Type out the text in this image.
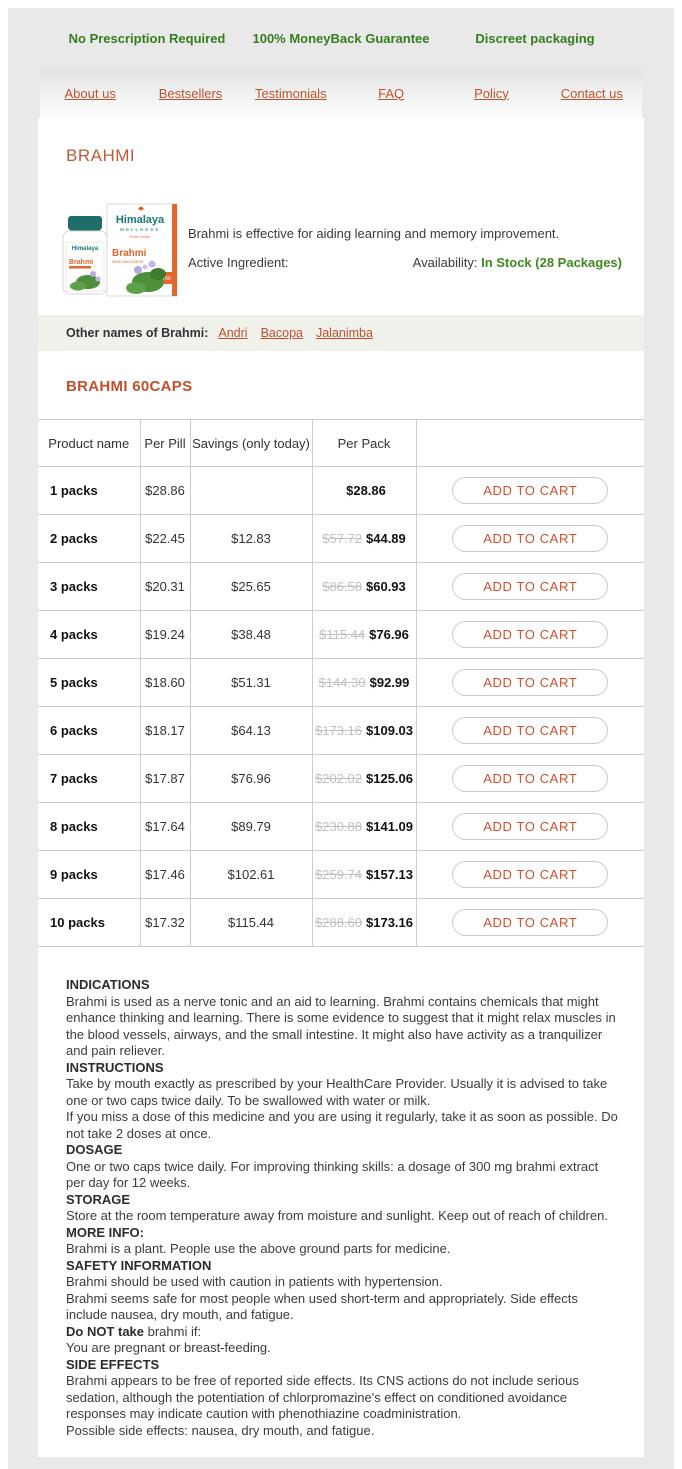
No Prescription Required	100% MoneyBack Guarantee	Discreet packaging
About us	Bestsellers	Testimonials	FAQ	Policy	Contact us
BRAHMI
60
Himalaya
WELLNESS
Pure Herbs
Brahmi
MIND WELLNESS
Himalaya
Brahmi

Brahmi is effective for aiding learning and memory improvement.

Active Ingredient:	Availability: In Stock (28 Packages)
Other names of Brahmi: Andri Bacopa Jalanimba
BRAHMI 60CAPS
Product name	Per Pill	Savings (only today)	Per Pack	
1 packs	$28.86		$28.86	ADD TO CART
2 packs	$22.45	$12.83	$57.72 $44.89	ADD TO CART
3 packs	$20.31	$25.65	$86.58 $60.93	ADD TO CART
4 packs	$19.24	$38.48	$115.44 $76.96	ADD TO CART
5 packs	$18.60	$51.31	$144.30 $92.99	ADD TO CART
6 packs	$18.17	$64.13	$173.16 $109.03	ADD TO CART
7 packs	$17.87	$76.96	$202.02 $125.06	ADD TO CART
8 packs	$17.64	$89.79	$230.88 $141.09	ADD TO CART
9 packs	$17.46	$102.61	$259.74 $157.13	ADD TO CART
10 packs	$17.32	$115.44	$288.60 $173.16	ADD TO CART
INDICATIONS
Brahmi is used as a nerve tonic and an aid to learning. Brahmi contains chemicals that might enhance thinking and learning. There is some evidence to suggest that it might relax muscles in the blood vessels, airways, and the small intestine. It might also have activity as a tranquilizer and pain reliever.
INSTRUCTIONS
Take by mouth exactly as prescribed by your HealthCare Provider. Usually it is advised to take one or two caps twice daily. To be swallowed with water or milk.
If you miss a dose of this medicine and you are using it regularly, take it as soon as possible. Do not take 2 doses at once.
DOSAGE
One or two caps twice daily. For improving thinking skills: a dosage of 300 mg brahmi extract per day for 12 weeks.
STORAGE
Store at the room temperature away from moisture and sunlight. Keep out of reach of children.
MORE INFO:
Brahmi is a plant. People use the above ground parts for medicine.
SAFETY INFORMATION
Brahmi should be used with caution in patients with hypertension.
Brahmi seems safe for most people when used short-term and appropriately. Side effects include nausea, dry mouth, and fatigue.
Do NOT take brahmi if:
You are pregnant or breast-feeding.
SIDE EFFECTS
Brahmi appears to be free of reported side effects. Its CNS actions do not include serious sedation, although the potentiation of chlorpromazine's effect on conditioned avoidance responses may indicate caution with phenothiazine coadministration.
Possible side effects: nausea, dry mouth, and fatigue.
